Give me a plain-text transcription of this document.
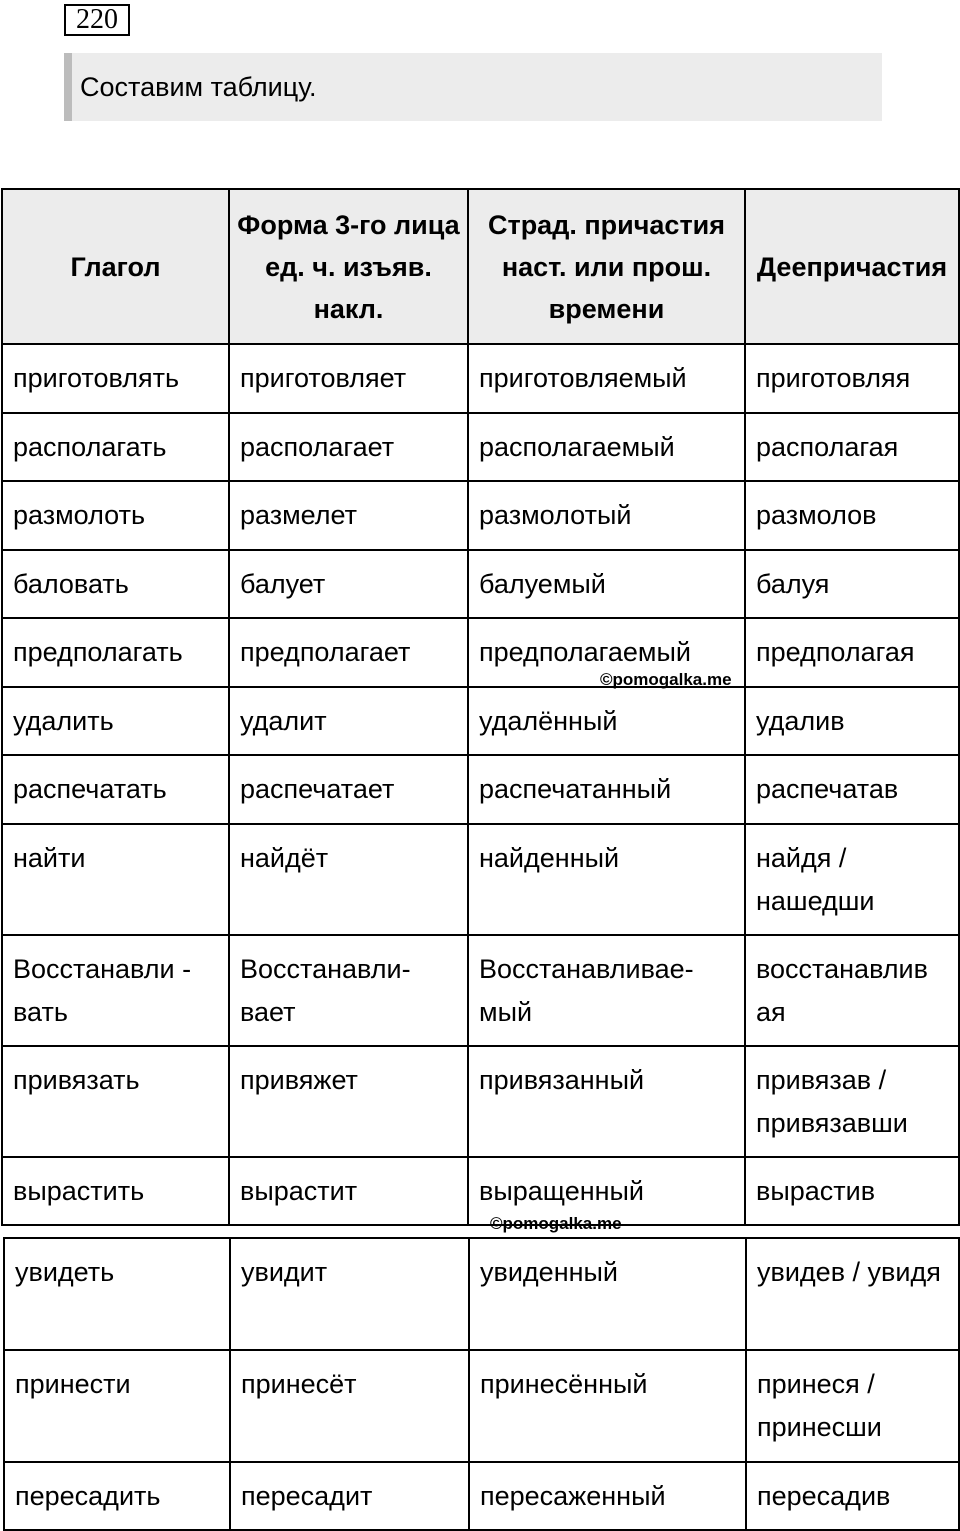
220
Составим таблицу.
Глагол	Форма 3-го лица ед. ч. изъяв. накл.	Страд. причастия наст. или прош. времени	Деепричастия
приготовлять	приготовляет	приготовляемый	приготовляя
располагать	располагает	располагаемый	располагая
размолоть	размелет	размолотый	размолов
баловать	балует	балуемый	балуя
предполагать	предполагает	предполагаемый	предполагая
удалить	удалит	удалённый	удалив
распечатать	распечатает	распечатанный	распечатав
найти	найдёт	найденный	найдя / нашедши
Восстанавли - вать	Восстанавли- вает	Восстанавливае- мый	восстанавлив ая
привязать	привяжет	привязанный	привязав / привязавши
вырастить	вырастит	выращенный	вырастив
увидеть	увидит	увиденный	увидев / увидя
принести	принесёт	принесённый	принеся / принесши
пересадить	пересадит	пересаженный	пересадив
©pomogalka.me
©pomogalka.me
